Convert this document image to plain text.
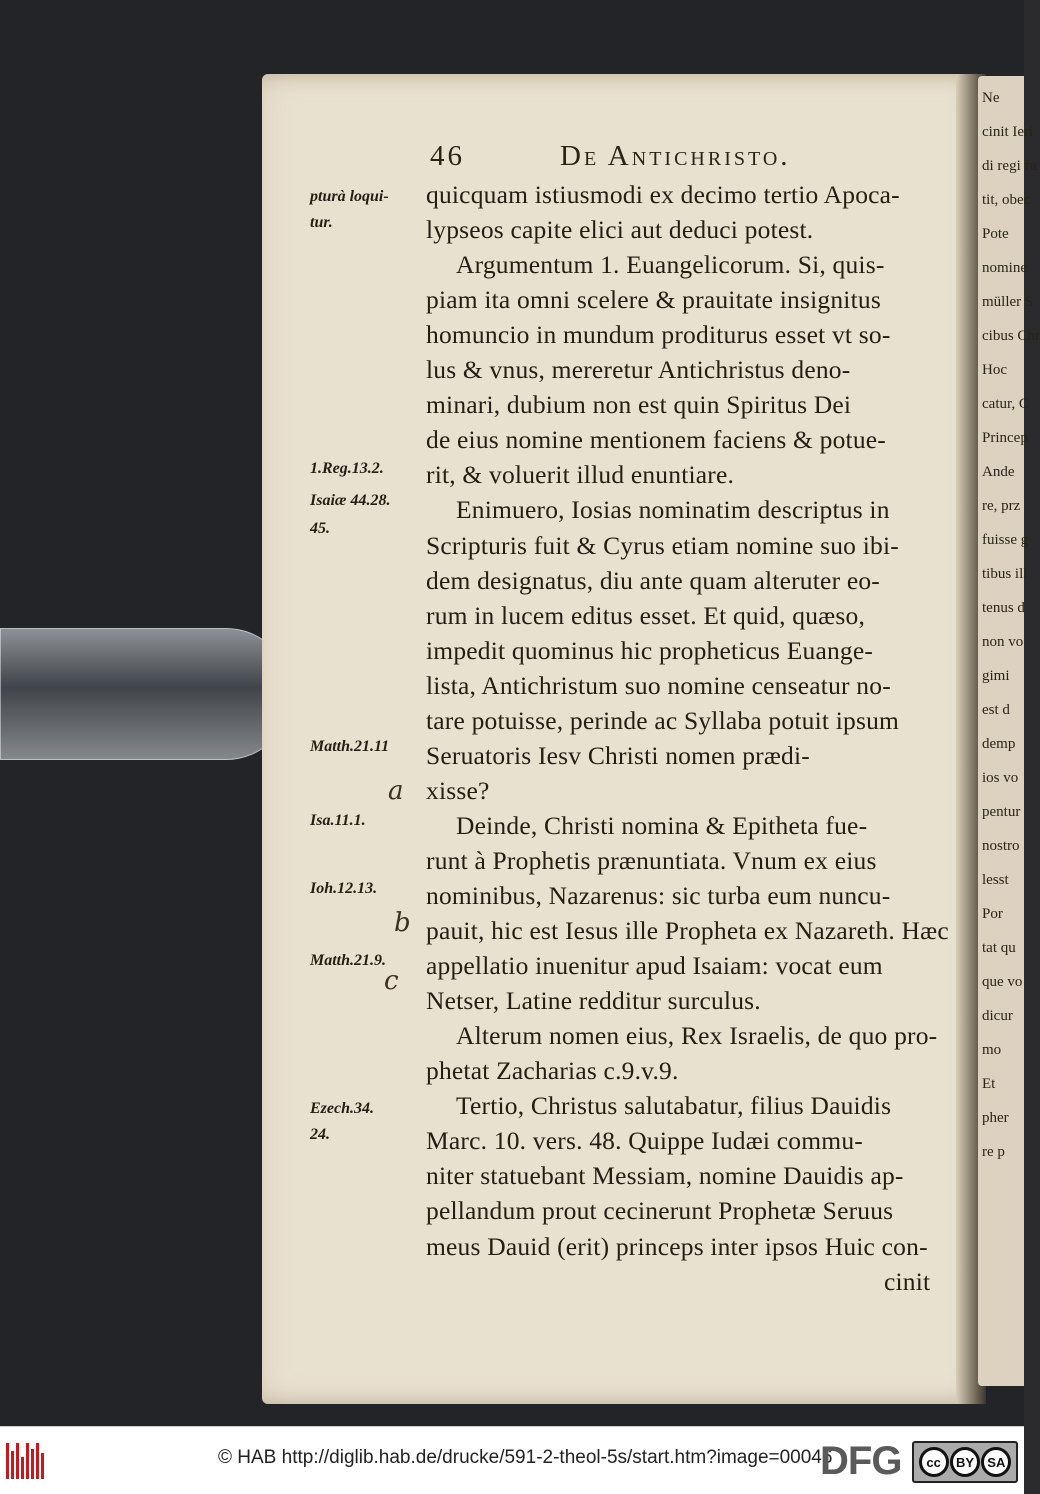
Ne
cinit Ieri
di regi fu
tit, obec
Pote
nomine
müller S
cibus Chr
Hoc
catur, C
Princep
Ande
re, prz
fuisse g
tibus ill
tenus d
non vo
gimi
est d
demp
ios vo
pentur
nostro
lesst
Por
tat qu
que vo
dicur
mo
Et
pher
re p
46	De Antichristo.
quicquam istiusmodi ex decimo tertio Apoca-
lypseos capite elici aut deduci potest.
Argumentum 1. Euangelicorum. Si, quis-
piam ita omni scelere & prauitate insignitus
homuncio in mundum proditurus esset vt so-
lus & vnus, mereretur Antichristus deno-
minari, dubium non est quin Spiritus Dei
de eius nomine mentionem faciens & potue-
rit, & voluerit illud enuntiare.
Enimuero, Iosias nominatim descriptus in
Scripturis fuit & Cyrus etiam nomine suo ibi-
dem designatus, diu ante quam alteruter eo-
rum in lucem editus esset. Et quid, quæso,
impedit quominus hic propheticus Euange-
lista, Antichristum suo nomine censeatur no-
tare potuisse, perinde ac Syllaba potuit ipsum
Seruatoris Iesv Christi nomen prædi-
xisse?
Deinde, Christi nomina & Epitheta fue-
runt à Prophetis prænuntiata. Vnum ex eius
nominibus, Nazarenus: sic turba eum nuncu-
pauit, hic est Iesus ille Propheta ex Nazareth. Hæc
appellatio inuenitur apud Isaiam: vocat eum
Netser, Latine redditur surculus.
Alterum nomen eius, Rex Israelis, de quo pro-
phetat Zacharias c.9.v.9.
Tertio, Christus salutabatur, filius Dauidis
Marc. 10. vers. 48. Quippe Iudæi commu-
niter statuebant Messiam, nomine Dauidis ap-
pellandum prout cecinerunt Prophetæ Seruus
meus Dauid (erit) princeps inter ipsos Huic con-
cinit
pturà loqui-
tur.
1.Reg.13.2.
Isaiæ 44.28.
45.
Matth.21.11
Isa.11.1.
Ioh.12.13.
Matth.21.9.
Ezech.34.
24.
a
b
c
© HAB http://diglib.hab.de/drucke/591-2-theol-5s/start.htm?image=00046
DFG	cc	BY	SA
